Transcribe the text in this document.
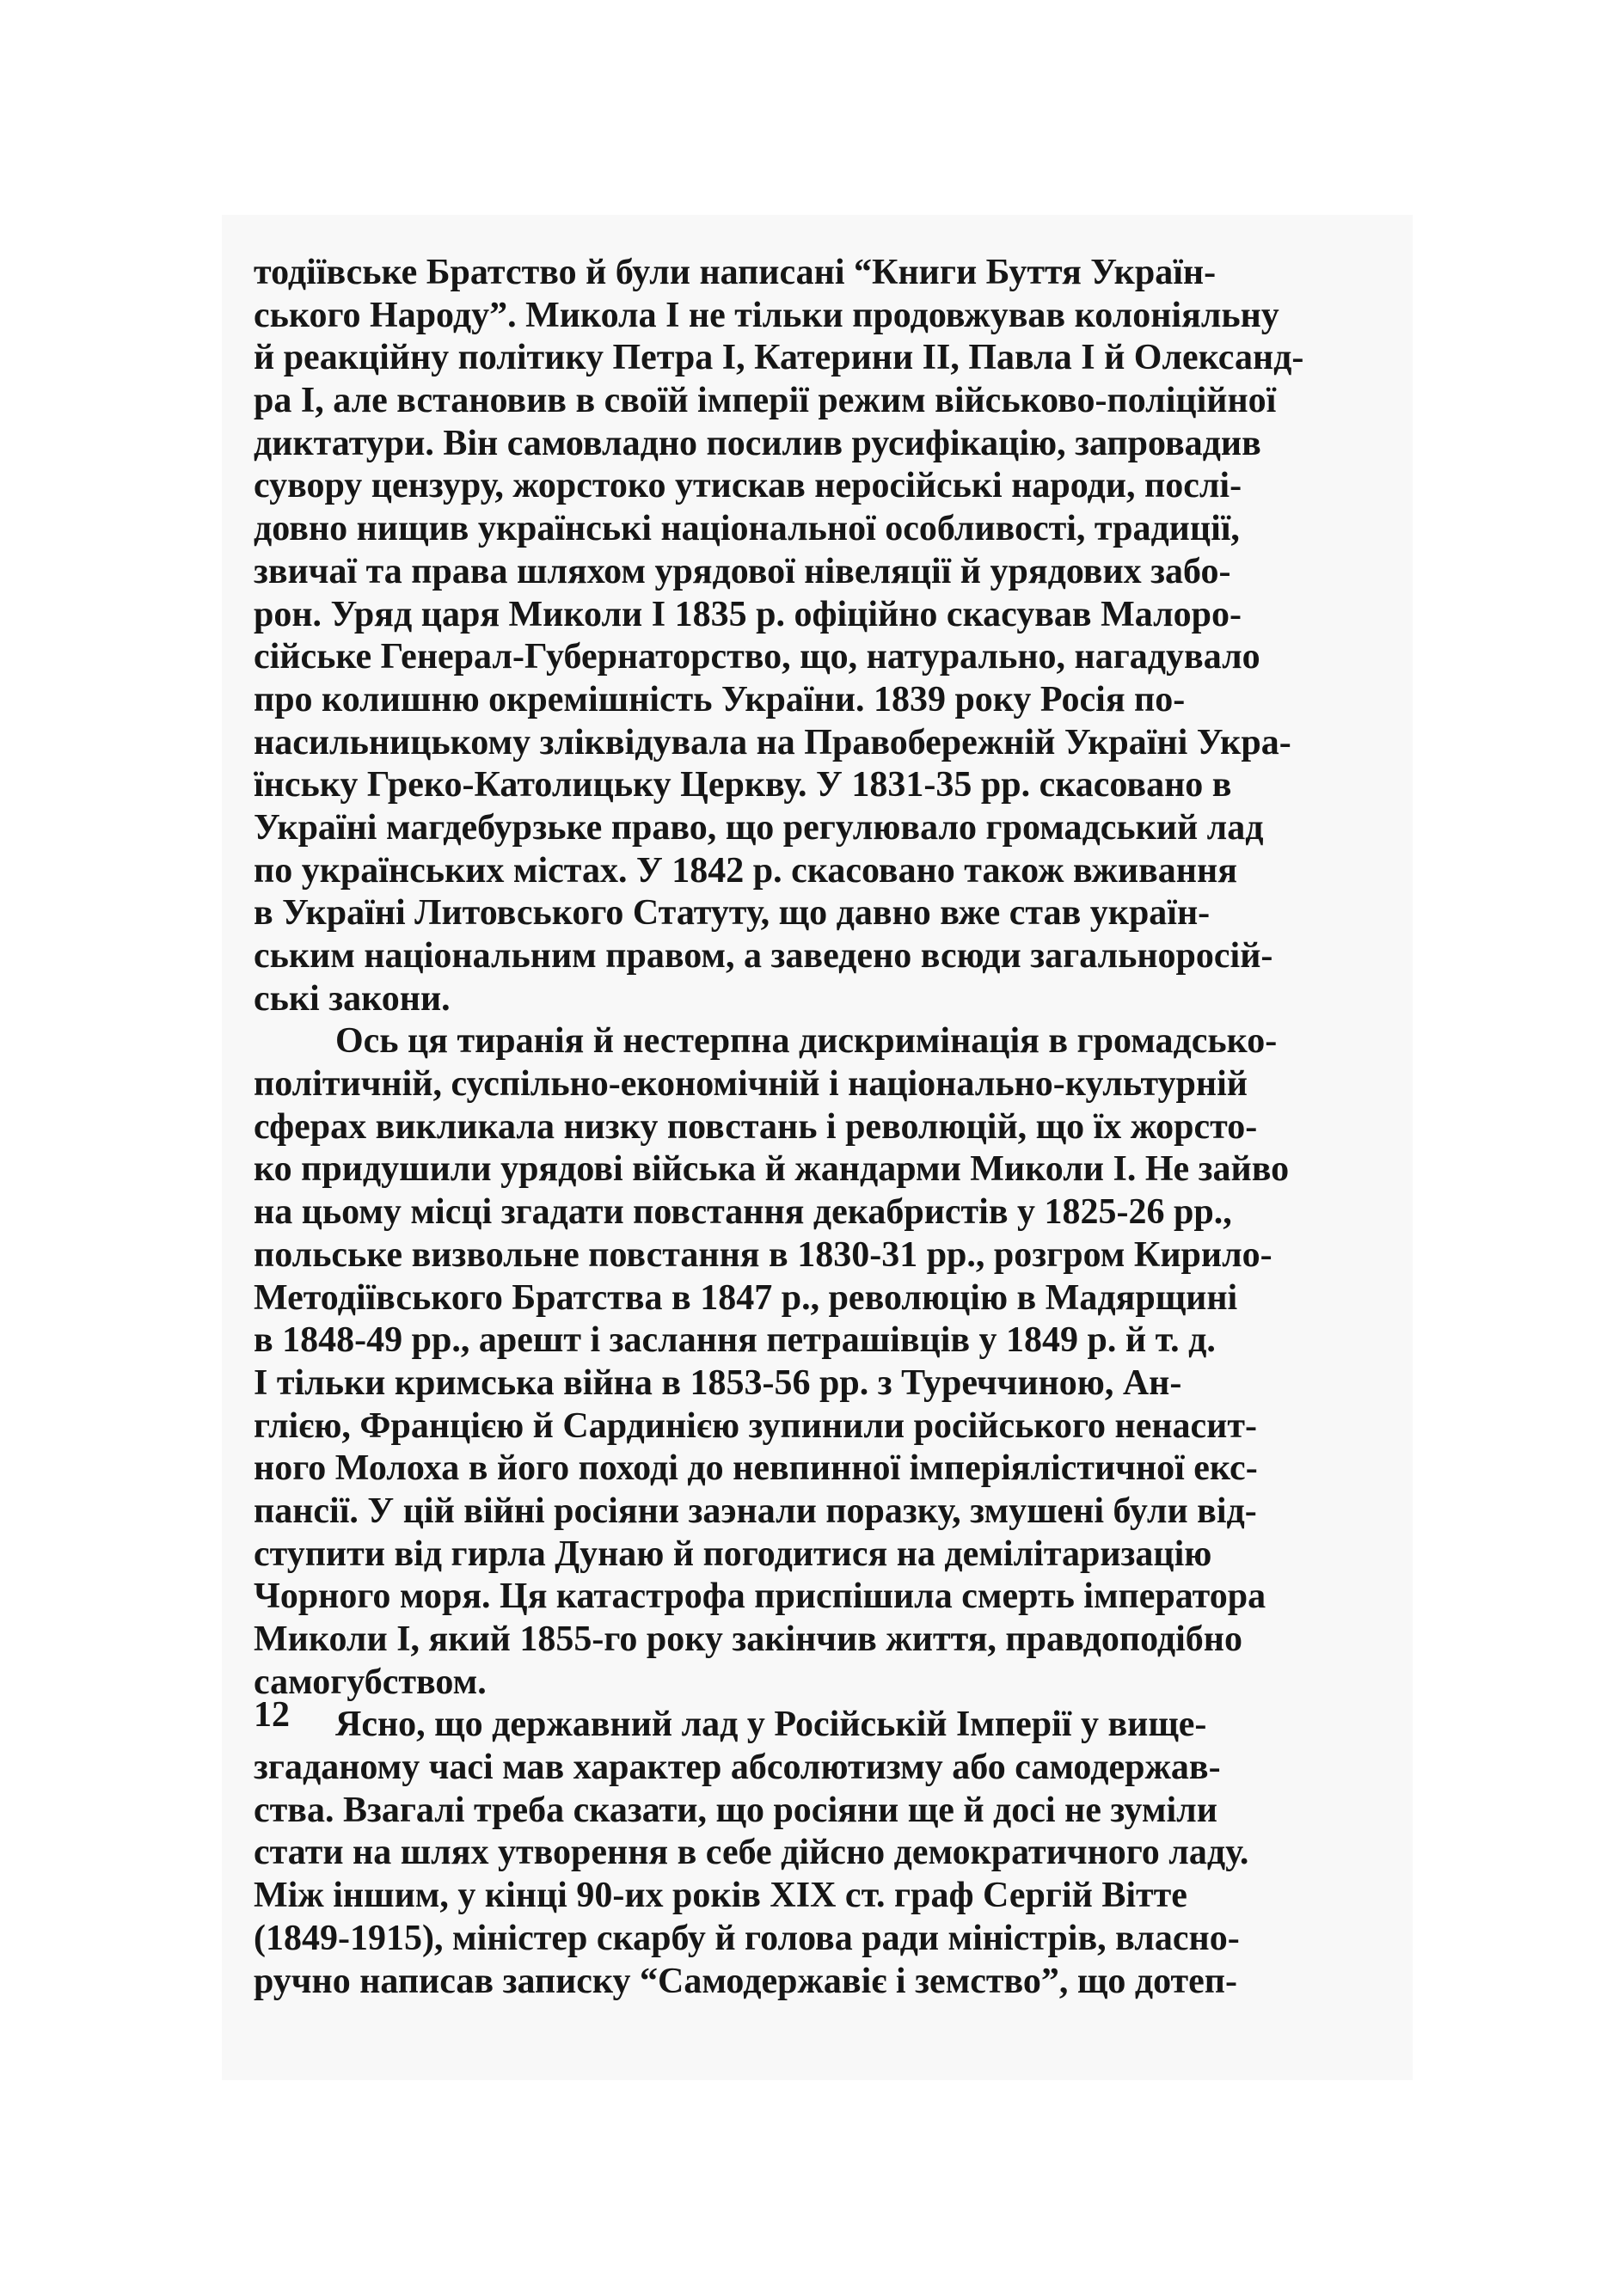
тодіївське Братство й були написані “Книги Буття Україн-
ського Народу”. Микола І не тільки продовжував колоніяльну
й реакційну політику Петра І, Катерини II, Павла І й Олександ-
ра І, але встановив в своїй імперії режим військово-поліційної
диктатури. Він самовладно посилив русифікацію, запровадив
сувору цензуру, жорстоко утискав неросійські народи, послі-
довно нищив українські національної особливості, традиції,
звичаї та права шляхом урядової нівеляції й урядових забо-
рон. Уряд царя Миколи І 1835 р. офіційно скасував Малоро-
сійське Генерал-Губернаторство, що, натурально, нагадувало
про колишню окремішність України. 1839 року Росія по-
насильницькому зліквідувала на Правобережній Україні Укра-
їнську Греко-Католицьку Церкву. У 1831-35 рр. скасовано в
Україні магдебурзьке право, що регулювало громадський лад
по українських містах. У 1842 р. скасовано також вживання
в Україні Литовського Статуту, що давно вже став україн-
ським національним правом, а заведено всюди загальноросій-
ські закони.
Ось ця тиранія й нестерпна дискримінація в громадсько-
політичній, суспільно-економічній і національно-культурній
сферах викликала низку повстань і революцій, що їх жорсто-
ко придушили урядові війська й жандарми Миколи І. Не зайво
на цьому місці згадати повстання декабристів у 1825-26 рр.,
польське визвольне повстання в 1830-31 рр., розгром Кирило-
Методіївського Братства в 1847 р., революцію в Мадярщині
в 1848-49 рр., арешт і заслання петрашівців у 1849 р. й т. д.
І тільки кримська війна в 1853-56 рр. з Туреччиною, Ан-
глією, Францією й Сардинією зупинили російського ненасит-
ного Молоха в його поході до невпинної імперіялістичної екс-
пансії. У цій війні росіяни заэнали поразку, змушені були від-
ступити від гирла Дунаю й погодитися на демілітаризацію
Чорного моря. Ця катастрофа приспішила смерть імператора
Миколи І, який 1855-го року закінчив життя, правдоподібно
самогубством.
Ясно, що державний лад у Російській Імперії у вище-
згаданому часі мав характер абсолютизму або самодержав-
ства. Взагалі треба сказати, що росіяни ще й досі не зуміли
стати на шлях утворення в себе дійсно демократичного ладу.
Між іншим, у кінці 90-их років XIX ст. граф Сергій Вітте
(1849-1915), міністер скарбу й голова ради міністрів, власно-
ручно написав записку “Самодержавіє і земство”, що дотеп-
12
